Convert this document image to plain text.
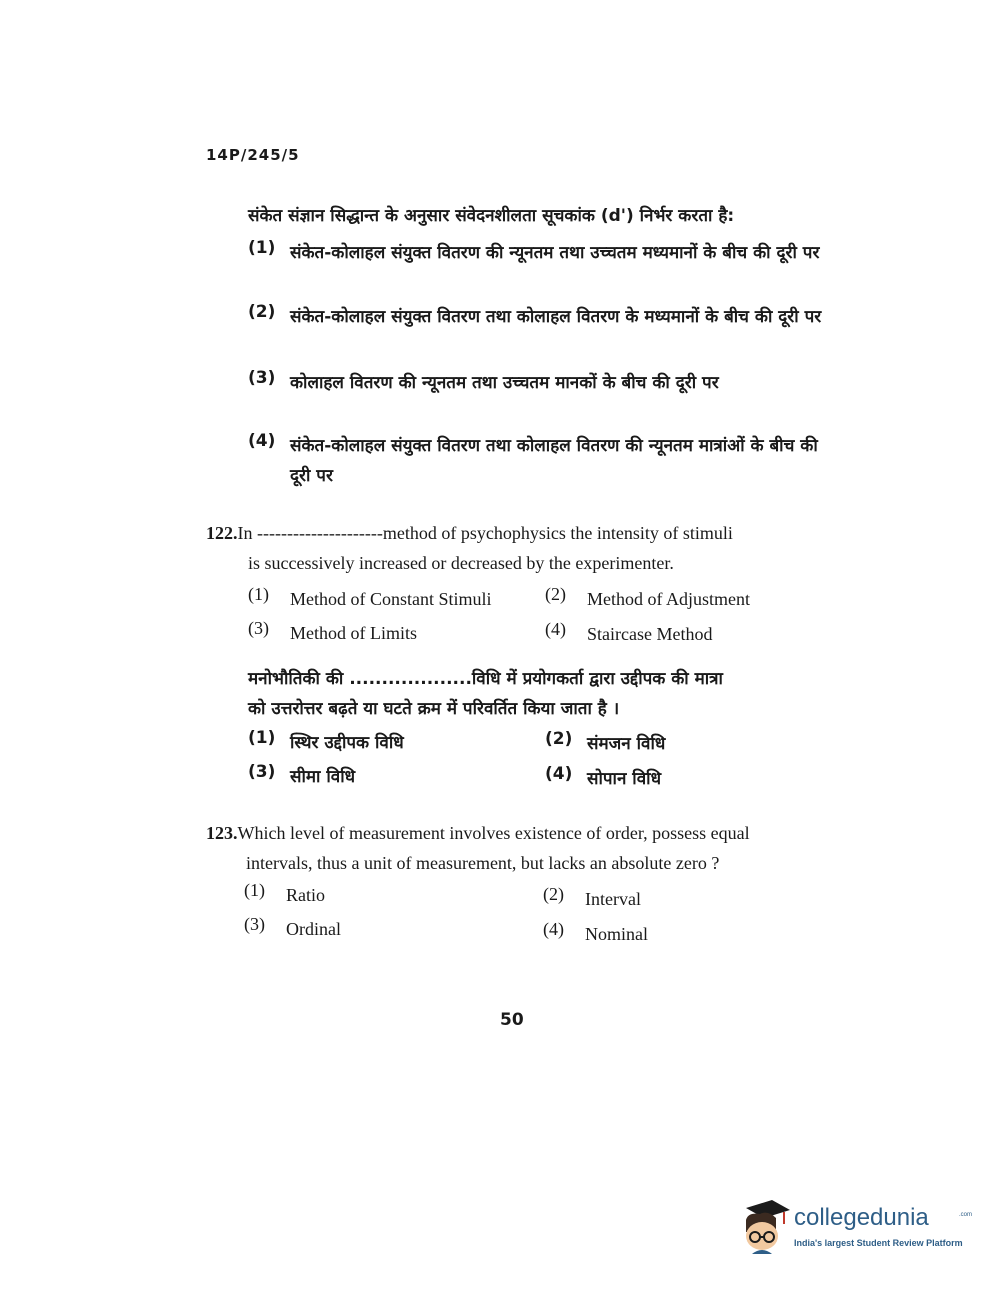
14P/245/5
संकेत संज्ञान सिद्धान्त के अनुसार संवेदनशीलता सूचकांक (d') निर्भर करता है:
(1) संकेत-कोलाहल संयुक्त वितरण की न्यूनतम तथा उच्चतम मध्यमानों के बीच की दूरी पर
(2) संकेत-कोलाहल संयुक्त वितरण तथा कोलाहल वितरण के मध्यमानों के बीच की दूरी पर
(3) कोलाहल वितरण की न्यूनतम तथा उच्चतम मानकों के बीच की दूरी पर
(4) संकेत-कोलाहल संयुक्त वितरण तथा कोलाहल वितरण की न्यूनतम मात्रांओं के बीच की दूरी पर
122.In ---------------------method of psychophysics the intensity of stimuli
is successively increased or decreased by the experimenter.
(1)	Method of Constant Stimuli	(2)	Method of Adjustment
(3)	Method of Limits	(4)	Staircase Method
मनोभौतिकी की ...................विधि में प्रयोगकर्ता द्वारा उद्दीपक की मात्रा
को उत्तरोत्तर बढ़ते या घटते क्रम में परिवर्तित किया जाता है ।
(1) स्थिर उद्दीपक विधि	(2) संमजन विधि
(3) सीमा विधि	(4) सोपान विधि
123.Which level of measurement involves existence of order, possess equal
intervals, thus a unit of measurement, but lacks an absolute zero ?
(1)	Ratio	(2)	Interval
(3)	Ordinal	(4)	Nominal
50
collegedunia	.com
India's largest Student Review Platform
